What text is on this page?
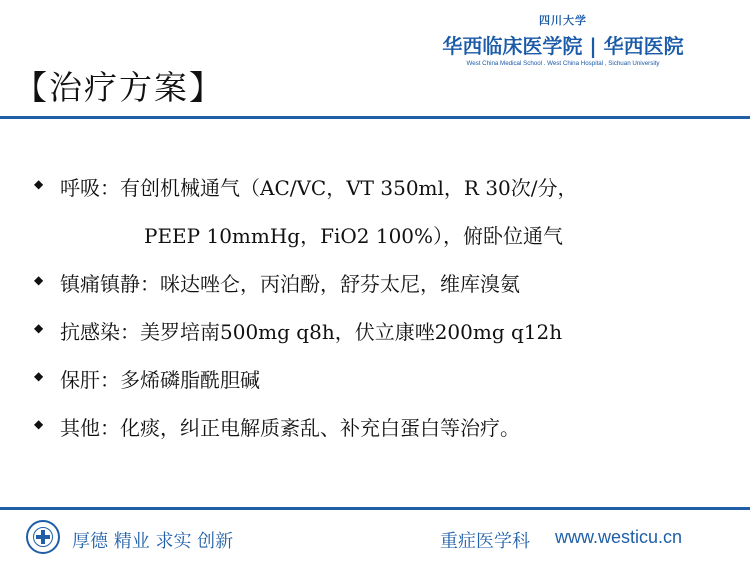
四川大学
华西临床医学院 | 华西医院
West China Medical School . West China Hospital , Sichuan University
【治疗方案】
◆ 呼吸：有创机械通气（AC/VC，VT 350ml，R 30次/分，
PEEP 10mmHg，FiO2 100%），俯卧位通气
◆ 镇痛镇静：咪达唑仑，丙泊酚，舒芬太尼，维库溴氨
◆ 抗感染：美罗培南500mg q8h，伏立康唑200mg q12h
◆ 保肝：多烯磷脂酰胆碱
◆ 其他：化痰，纠正电解质紊乱、补充白蛋白等治疗。
厚德 精业 求实 创新	重症医学科 www.westicu.cn
